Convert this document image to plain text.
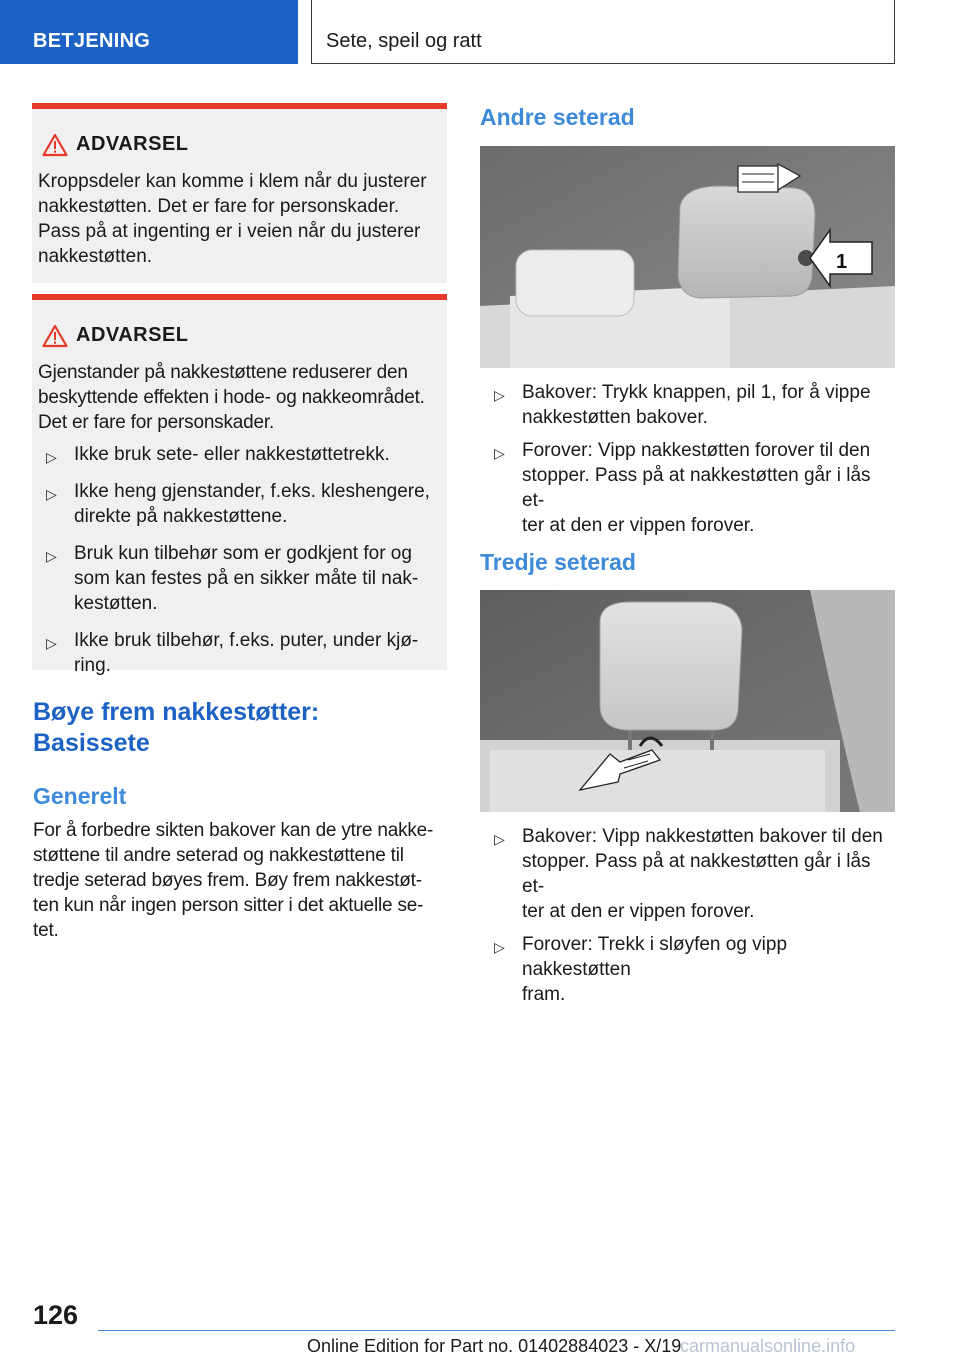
BETJENING	Sete, speil og ratt
ADVARSEL

Kroppsdeler kan komme i klem når du justerer
nakkestøtten. Det er fare for personskader.
Pass på at ingenting er i veien når du justerer
nakkestøtten.

ADVARSEL

Gjenstander på nakkestøttene reduserer den
beskyttende effekten i hode- og nakkeområdet.
Det er fare for personskader.

▷ Ikke bruk sete- eller nakkestøttetrekk.
▷ Ikke heng gjenstander, f.eks. kleshengere,
direkte på nakkestøttene.
▷ Bruk kun tilbehør som er godkjent for og
som kan festes på en sikker måte til nak-
kestøtten.
▷ Ikke bruk tilbehør, f.eks. puter, under kjø-
ring.
Bøye frem nakkestøtter:
Basissete
Generelt

For å forbedre sikten bakover kan de ytre nakke-
støttene til andre seterad og nakkestøttene til
tredje seterad bøyes frem. Bøy frem nakkestøt-
ten kun når ingen person sitter i det aktuelle se-
tet.

Andre seterad
1
▷ Bakover: Trykk knappen, pil 1, for å vippe
nakkestøtten bakover.
▷ Forover: Vipp nakkestøtten forover til den
stopper. Pass på at nakkestøtten går i lås et-
ter at den er vippen forover.
Tredje seterad
▷ Bakover: Vipp nakkestøtten bakover til den
stopper. Pass på at nakkestøtten går i lås et-
ter at den er vippen forover.
▷ Forover: Trekk i sløyfen og vipp nakkestøtten
fram.
126
Online Edition for Part no. 01402884023 - X/19
carmanualsonline.info
